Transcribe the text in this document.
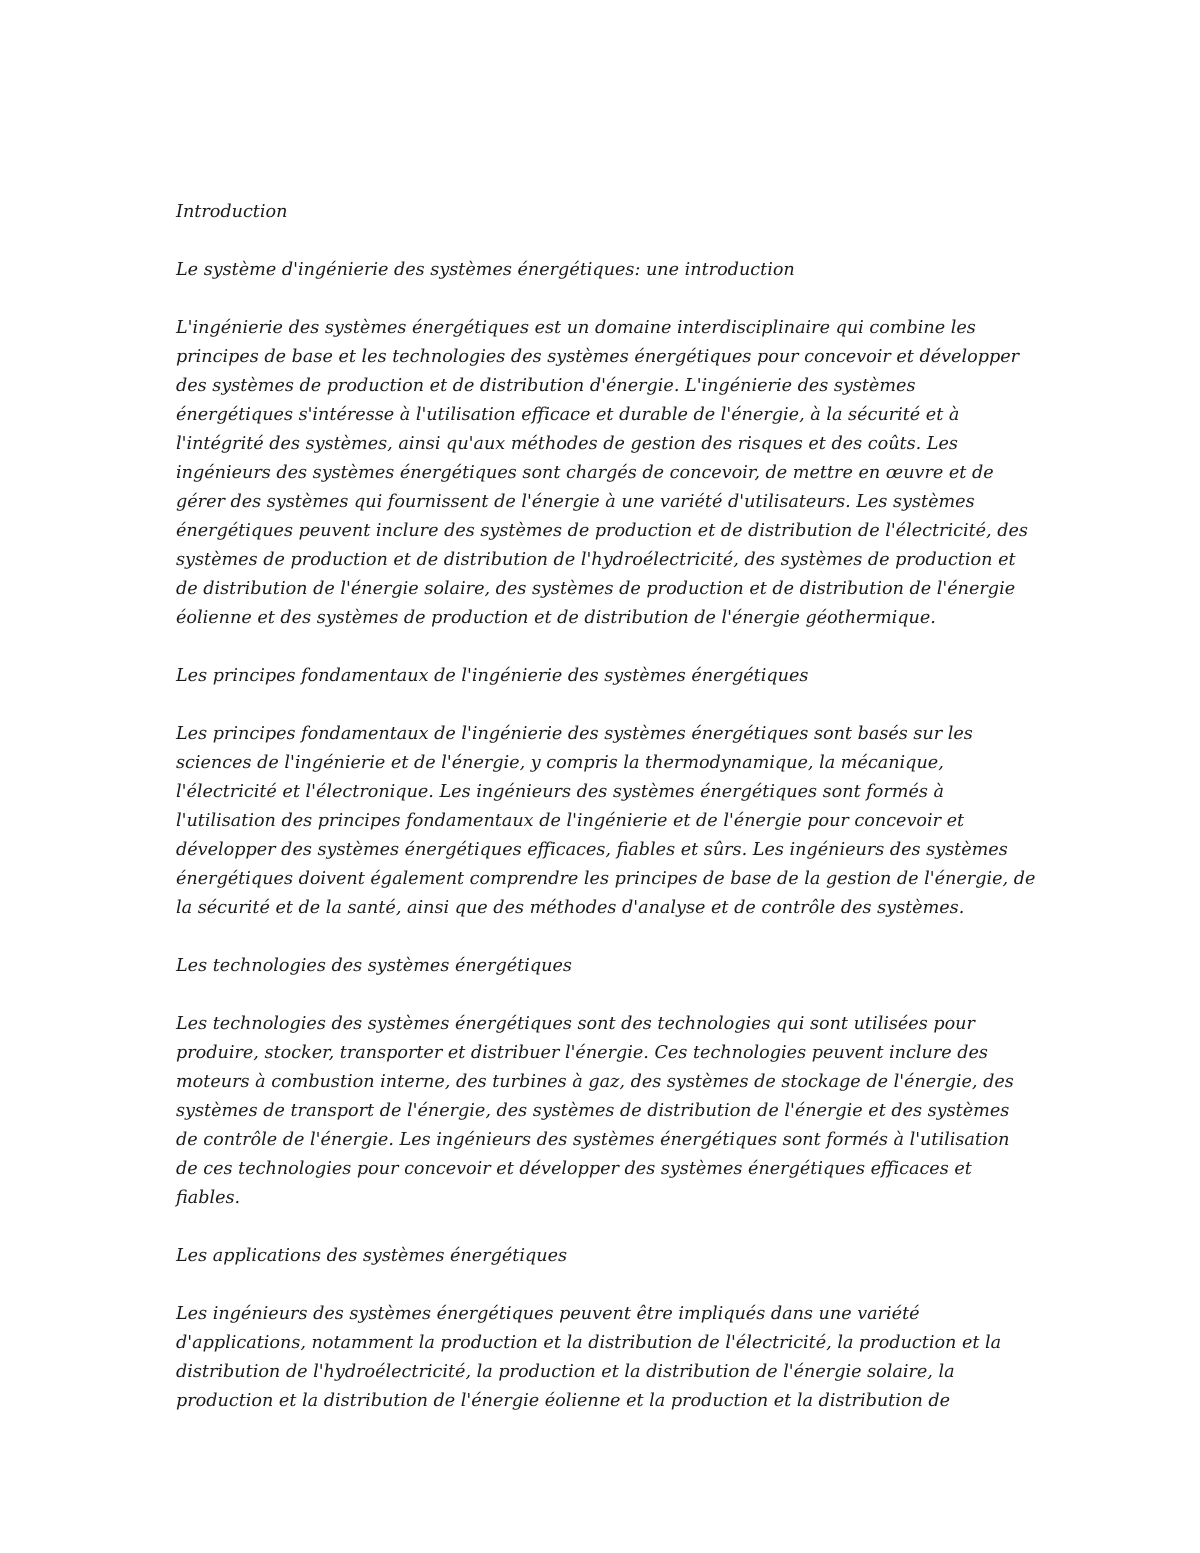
Introduction

Le système d'ingénierie des systèmes énergétiques: une introduction

L'ingénierie des systèmes énergétiques est un domaine interdisciplinaire qui combine les principes de base et les technologies des systèmes énergétiques pour concevoir et développer des systèmes de production et de distribution d'énergie. L'ingénierie des systèmes énergétiques s'intéresse à l'utilisation efficace et durable de l'énergie, à la sécurité et à l'intégrité des systèmes, ainsi qu'aux méthodes de gestion des risques et des coûts. Les ingénieurs des systèmes énergétiques sont chargés de concevoir, de mettre en œuvre et de gérer des systèmes qui fournissent de l'énergie à une variété d'utilisateurs. Les systèmes énergétiques peuvent inclure des systèmes de production et de distribution de l'électricité, des systèmes de production et de distribution de l'hydroélectricité, des systèmes de production et de distribution de l'énergie solaire, des systèmes de production et de distribution de l'énergie éolienne et des systèmes de production et de distribution de l'énergie géothermique.

Les principes fondamentaux de l'ingénierie des systèmes énergétiques

Les principes fondamentaux de l'ingénierie des systèmes énergétiques sont basés sur les sciences de l'ingénierie et de l'énergie, y compris la thermodynamique, la mécanique, l'électricité et l'électronique. Les ingénieurs des systèmes énergétiques sont formés à l'utilisation des principes fondamentaux de l'ingénierie et de l'énergie pour concevoir et développer des systèmes énergétiques efficaces, fiables et sûrs. Les ingénieurs des systèmes énergétiques doivent également comprendre les principes de base de la gestion de l'énergie, de la sécurité et de la santé, ainsi que des méthodes d'analyse et de contrôle des systèmes.

Les technologies des systèmes énergétiques

Les technologies des systèmes énergétiques sont des technologies qui sont utilisées pour produire, stocker, transporter et distribuer l'énergie. Ces technologies peuvent inclure des moteurs à combustion interne, des turbines à gaz, des systèmes de stockage de l'énergie, des systèmes de transport de l'énergie, des systèmes de distribution de l'énergie et des systèmes de contrôle de l'énergie. Les ingénieurs des systèmes énergétiques sont formés à l'utilisation de ces technologies pour concevoir et développer des systèmes énergétiques efficaces et fiables.

Les applications des systèmes énergétiques

Les ingénieurs des systèmes énergétiques peuvent être impliqués dans une variété d'applications, notamment la production et la distribution de l'électricité, la production et la distribution de l'hydroélectricité, la production et la distribution de l'énergie solaire, la production et la distribution de l'énergie éolienne et la production et la distribution de
